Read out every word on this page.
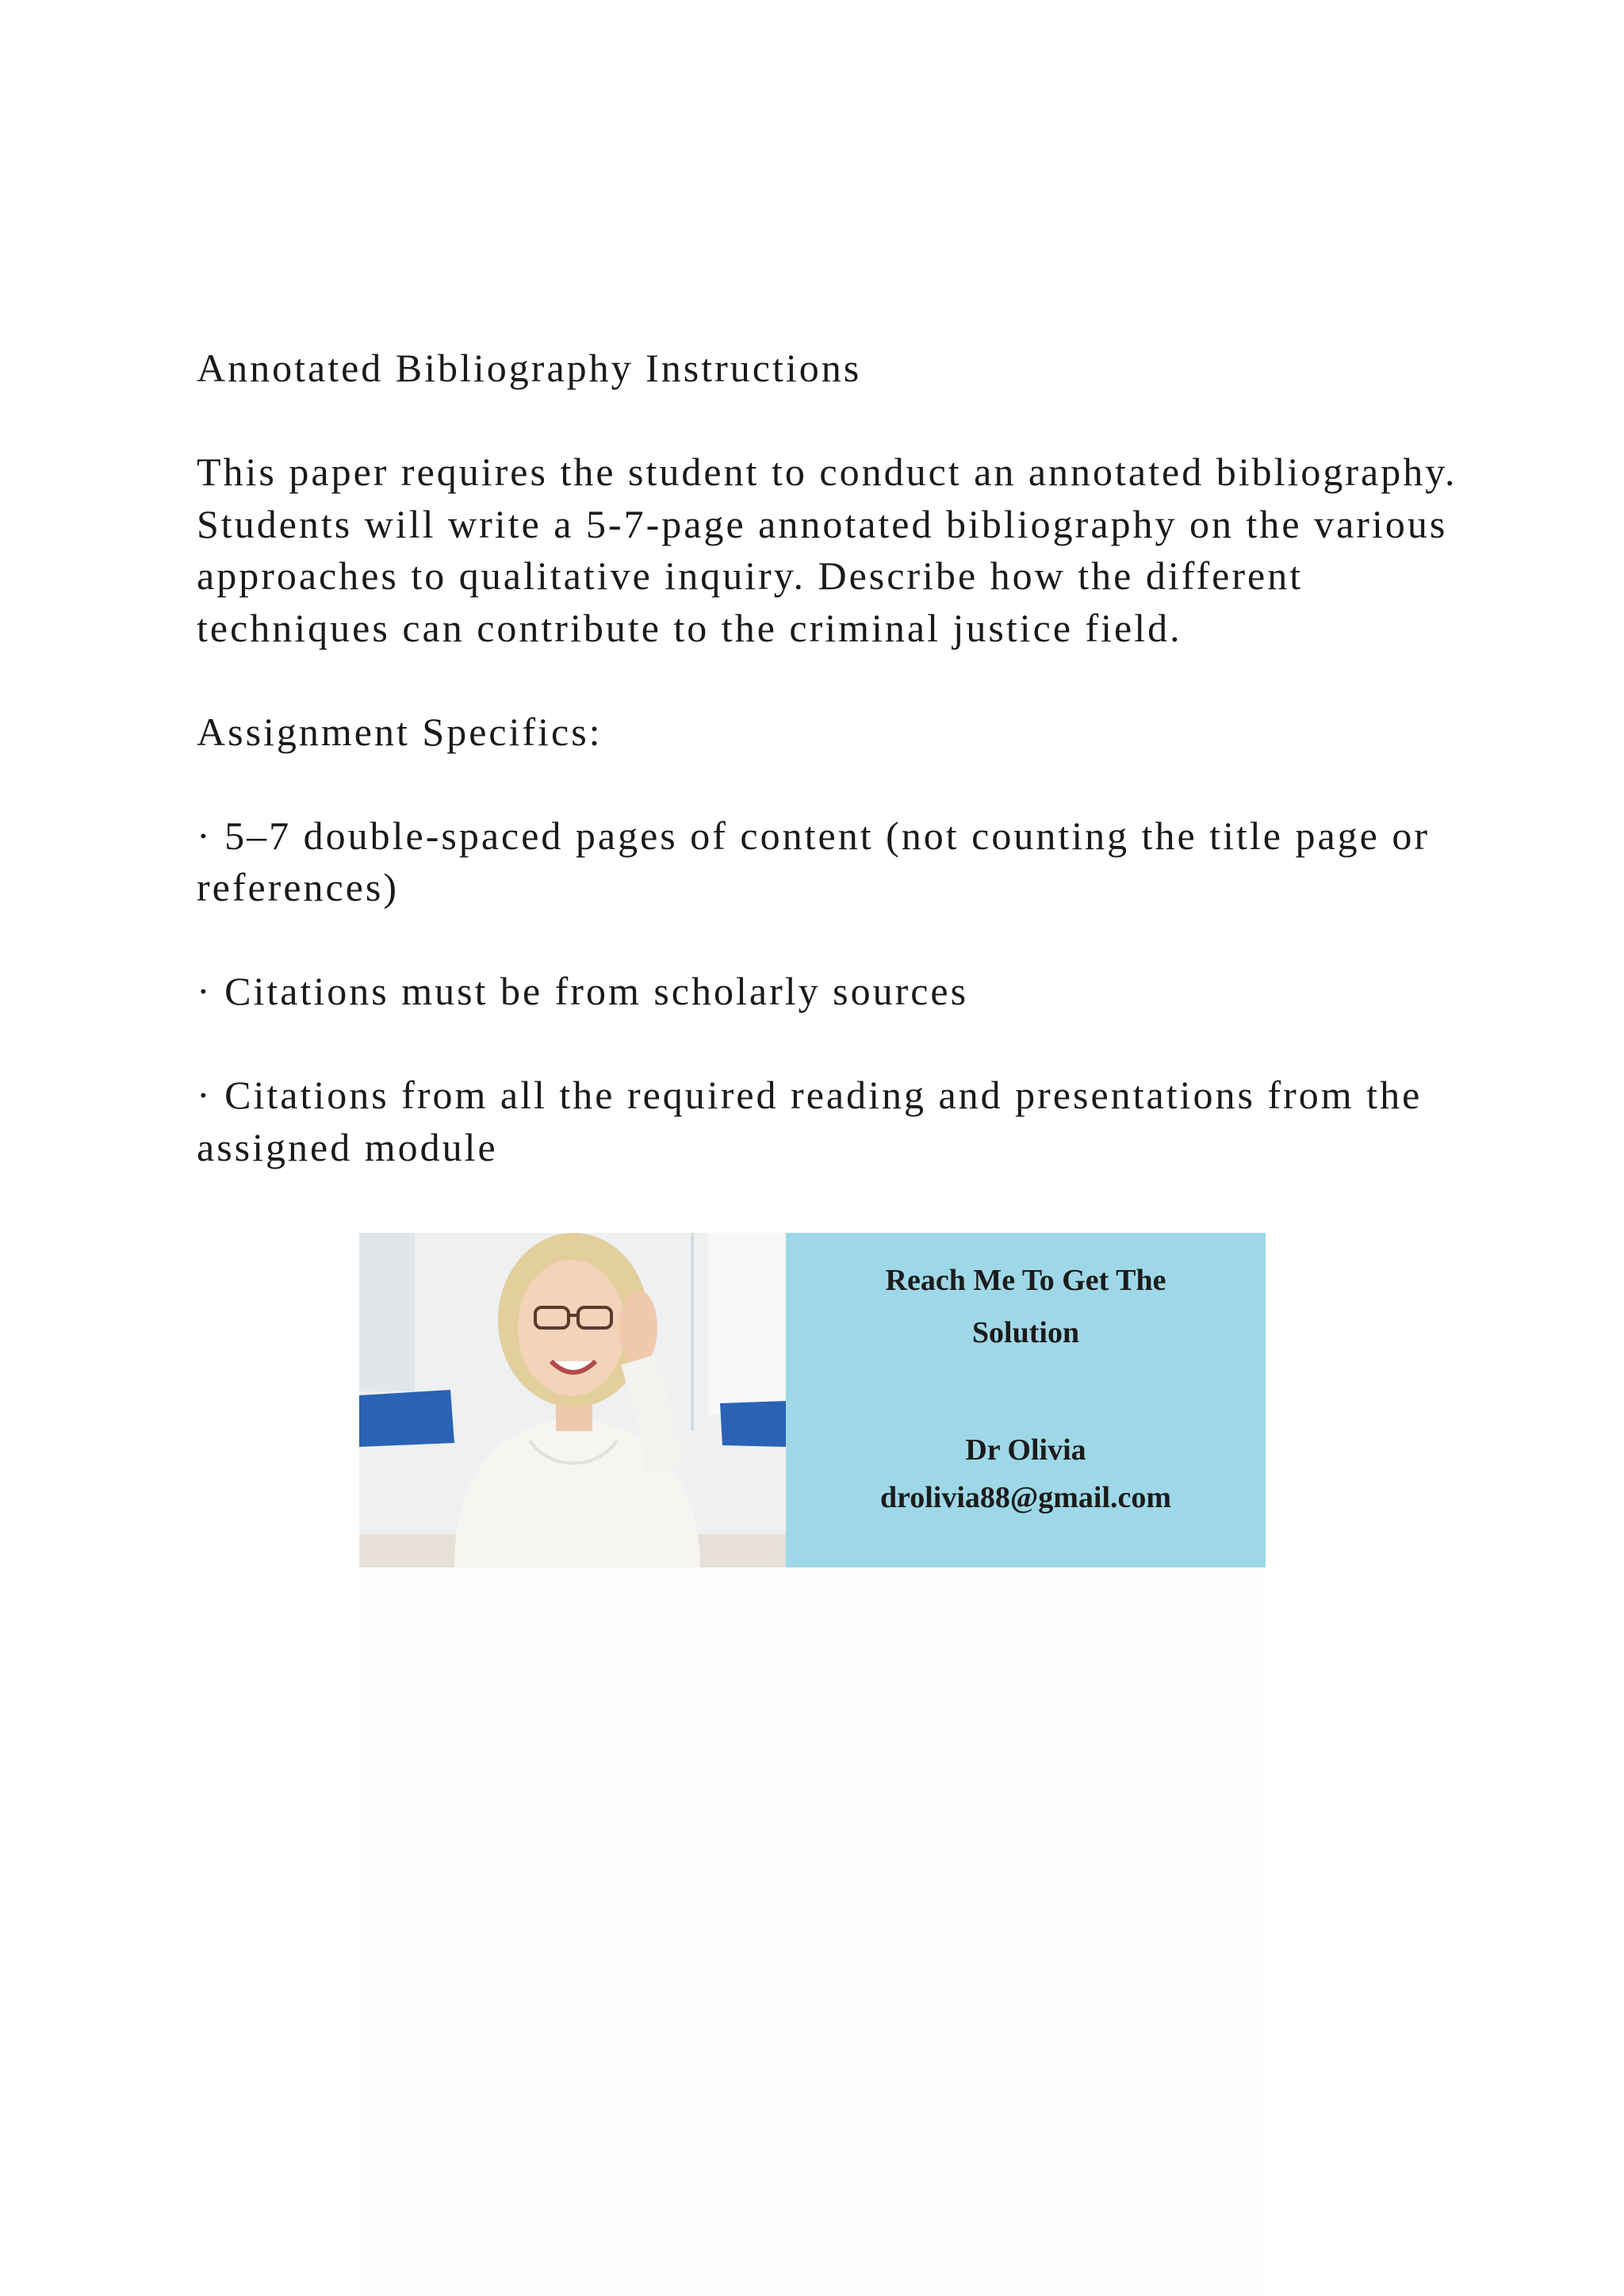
Annotated Bibliography Instructions

This paper requires the student to conduct an annotated bibliography. Students will write a 5-7-page annotated bibliography on the various approaches to qualitative inquiry. Describe how the different techniques can contribute to the criminal justice field.

Assignment Specifics:

· 5–7 double-spaced pages of content (not counting the title page or references)

· Citations must be from scholarly sources

· Citations from all the required reading and presentations from the assigned module

Reach Me To Get The
Solution
Dr Olivia
drolivia88@gmail.com
